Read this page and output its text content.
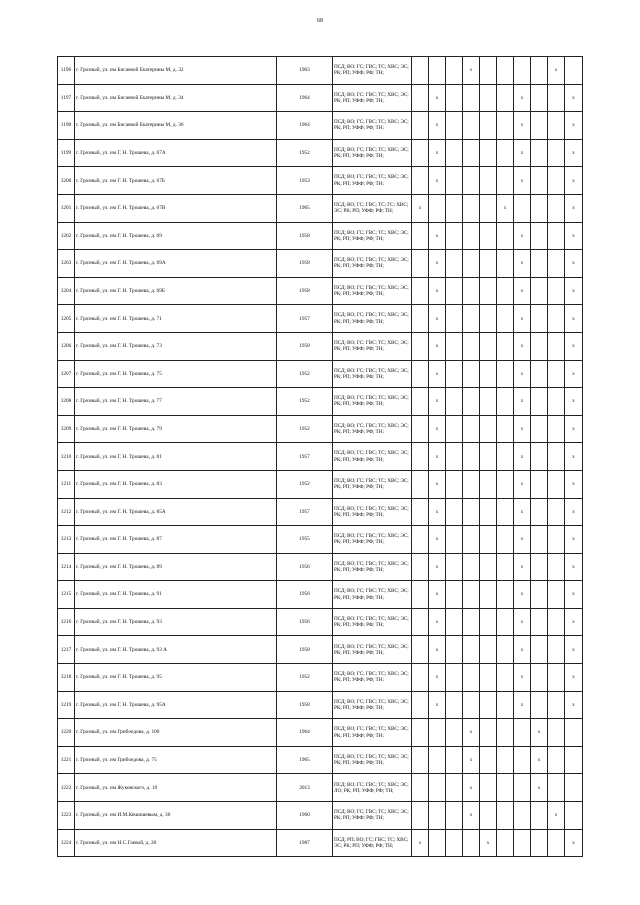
68
1196	г. Грозный, ул. им Бисаевой Екатерины М, д. 32	1963	ПСД; ВО; ГС; ГВС; ТС; ХВС; ЭС; РК; РП; УФФ; РФ; ТН;				x					x	
1197	г. Грозный, ул. им Бисаевой Екатерины М, д. 34	1964	ПСД; ВО; ГС; ГВС; ТС; ХВС; ЭС; РК; РП; УФФ; РФ; ТН;		x					x			x
1198	г. Грозный, ул. им Бисаевой Екатерины М, д. 36	1964	ПСД; ВО; ГС; ГВС; ТС; ХВС; ЭС; РК; РП; УФФ; РФ; ТН;		x					x			x
1199	г. Грозный, ул. им Г. Н. Трошева, д. 67А	1952	ПСД; ВО; ГС; ГВС; ТС; ХВС; ЭС; РК; РП; УФФ; РФ; ТН;		x					x			x
1200	г. Грозный, ул. им Г. Н. Трошева, д. 67Б	1953	ПСД; ВО; ГС; ГВС; ТС; ХВС; ЭС; РК; РП; УФФ; РФ; ТН;		x					x			x
1201	г. Грозный, ул. им Г. Н. Трошева, д. 67В	1965	ПСД; ВО; ГС; ГВС; ТС; ГС; ХВС; ЭС; РК; РП; УФФ; РФ; ТН;	x					x				x
1202	г. Грозный, ул. им Г. Н. Трошева, д. 69	1958	ПСД; ВО; ГС; ГВС; ТС; ХВС; ЭС; РК; РП; УФФ; РФ; ТН;		x					x			x
1203	г. Грозный, ул. им Г. Н. Трошева, д. 69А	1958	ПСД; ВО; ГС; ГВС; ТС; ХВС; ЭС; РК; РП; УФФ; РФ; ТН;		x					x			x
1204	г. Грозный, ул. им Г. Н. Трошева, д. 69Б	1958	ПСД; ВО; ГС; ГВС; ТС; ХВС; ЭС; РК; РП; УФФ; РФ; ТН;		x					x			x
1205	г. Грозный, ул. им Г. Н. Трошева, д. 71	1957	ПСД; ВО; ГС; ГВС; ТС; ХВС; ЭС; РК; РП; УФФ; РФ; ТН;		x					x			x
1206	г. Грозный, ул. им Г. Н. Трошева, д. 73	1958	ПСД; ВО; ГС; ГВС; ТС; ХВС; ЭС; РК; РП; УФФ; РФ; ТН;		x					x			x
1207	г. Грозный, ул. им Г. Н. Трошева, д. 75	1952	ПСД; ВО; ГС; ГВС; ТС; ХВС; ЭС; РК; РП; УФФ; РФ; ТН;		x					x			x
1208	г. Грозный, ул. им Г. Н. Трошева, д. 77	1952	ПСД; ВО; ГС; ГВС; ТС; ХВС; ЭС; РК; РП; УФФ; РФ; ТН;		x					x			x
1209	г. Грозный, ул. им Г. Н. Трошева, д. 79	1952	ПСД; ВО; ГС; ГВС; ТС; ХВС; ЭС; РК; РП; УФФ; РФ; ТН;		x					x			x
1210	г. Грозный, ул. им Г. Н. Трошева, д. 81	1957	ПСД; ВО; ГС; ГВС; ТС; ХВС; ЭС; РК; РП; УФФ; РФ; ТН;		x					x			x
1211	г. Грозный, ул. им Г. Н. Трошева, д. 83	1952	ПСД; ВО; ГС; ГВС; ТС; ХВС; ЭС; РК; РП; УФФ; РФ; ТН;		x					x			x
1212	г. Грозный, ул. им Г. Н. Трошева, д. 85А	1957	ПСД; ВО; ГС; ГВС; ТС; ХВС; ЭС; РК; РП; УФФ; РФ; ТН;		x					x			x
1213	г. Грозный, ул. им Г. Н. Трошева, д. 87	1955	ПСД; ВО; ГС; ГВС; ТС; ХВС; ЭС; РК; РП; УФФ; РФ; ТН;		x					x			x
1214	г. Грозный, ул. им Г. Н. Трошева, д. 89	1956	ПСД; ВО; ГС; ГВС; ТС; ХВС; ЭС; РК; РП; УФФ; РФ; ТН;		x					x			x
1215	г. Грозный, ул. им Г. Н. Трошева, д. 91	1956	ПСД; ВО; ГС; ГВС; ТС; ХВС; ЭС; РК; РП; УФФ; РФ; ТН;		x					x			x
1216	г. Грозный, ул. им Г. Н. Трошева, д. 93	1956	ПСД; ВО; ГС; ГВС; ТС; ХВС; ЭС; РК; РП; УФФ; РФ; ТН;		x					x			x
1217	г. Грозный, ул. им Г. Н. Трошева, д. 93 А	1958	ПСД; ВО; ГС; ГВС; ТС; ХВС; ЭС; РК; РП; УФФ; РФ; ТН;		x					x			x
1218	г. Грозный, ул. им Г. Н. Трошева, д. 95	1952	ПСД; ВО; ГС; ГВС; ТС; ХВС; ЭС; РК; РП; УФФ; РФ; ТН;		x					x			x
1219	г. Грозный, ул. им Г. Н. Трошева, д. 95А	1958	ПСД; ВО; ГС; ГВС; ТС; ХВС; ЭС; РК; РП; УФФ; РФ; ТН;		x					x			x
1220	г. Грозный, ул. им Грибоедова, д. 100	1964	ПСД; ВО; ГС; ГВС; ТС; ХВС; ЭС; РК; РП; УФФ; РФ; ТН;				x				x		
1221	г. Грозный, ул. им Грибоедова, д. 75	1965	ПСД; ВО; ГС; ГВС; ТС; ХВС; ЭС; РК; РП; УФФ; РФ; ТН;				x				x		
1222	г. Грозный, ул. им Жуковского, д. 10	2013	ПСД; ВО; ГС; ГВС; ТС; ХВС; ЭС; ЛО; РК; РП; УФФ; РФ; ТН;				x				x		
1223	г. Грозный, ул. им И.М.Кешишевым, д. 30	1960	ПСД; ВО; ГС; ГВС; ТС; ХВС; ЭС; РК; РП; УФФ; РФ; ТН;				x					x	
1224	г. Грозный, ул. им Н.С.Гаевой, д. 20	1987	ПСД; РП; ВО; ГС; ГВС; ТС; ХВС; ЭС; РК; РП; УФФ; РФ; ТН;	x				x					x
